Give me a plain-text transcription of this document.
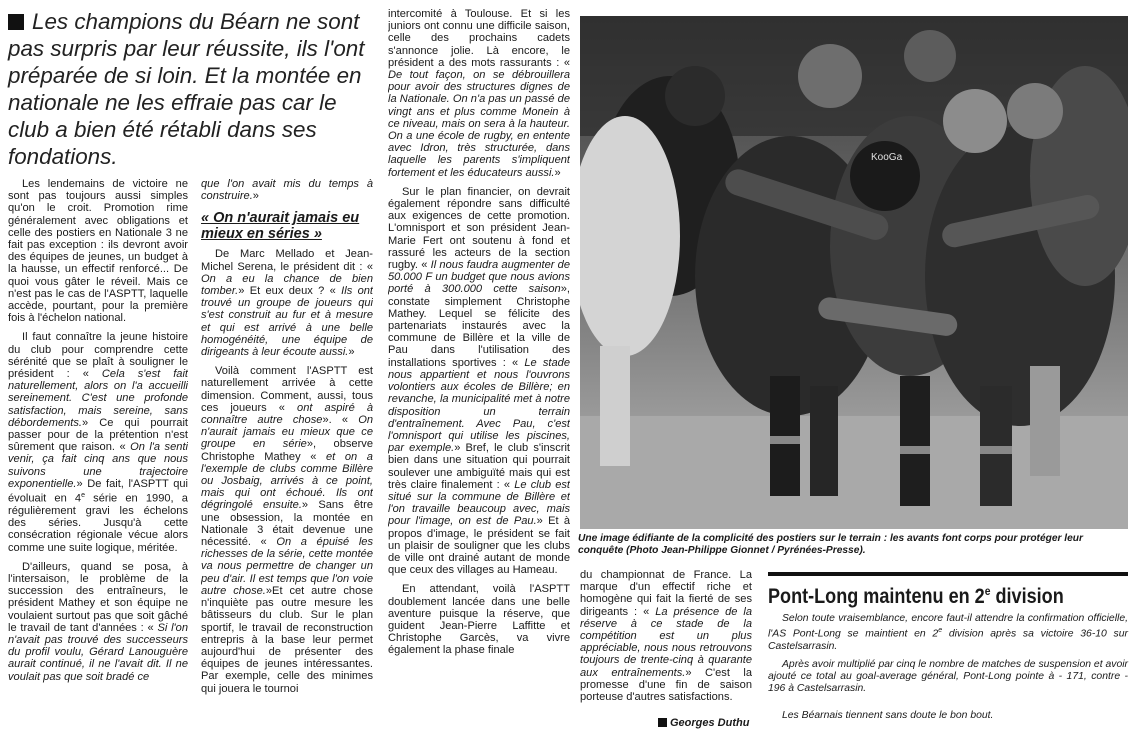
Les champions du Béarn ne sont pas surpris par leur réussite, ils l'ont préparée de si loin. Et la montée en nationale ne les effraie pas car le club a bien été rétabli dans ses fondations.

Les lendemains de victoire ne sont pas toujours aussi simples qu'on le croit. Promotion rime généralement avec obligations et celle des postiers en Nationale 3 ne fait pas exception : ils devront avoir des équipes de jeunes, un budget à la hausse, un effectif renforcé... De quoi vous gâter le réveil. Mais ce n'est pas le cas de l'ASPTT, laquelle accède, pourtant, pour la première fois à l'échelon national.

Il faut connaître la jeune histoire du club pour comprendre cette sérénité que se plaît à souligner le président : « Cela s'est fait naturellement, alors on l'a accueilli sereinement. C'est une profonde satisfaction, mais sereine, sans débordements.» Ce qui pourrait passer pour de la prétention n'est sûrement que raison. « On l'a senti venir, ça fait cinq ans que nous suivons une trajectoire exponentielle.» De fait, l'ASPTT qui évoluait en 4e série en 1990, a régulièrement gravi les échelons des séries. Jusqu'à cette consécration régionale vécue alors comme une suite logique, méritée.

D'ailleurs, quand se posa, à l'intersaison, le problème de la succession des entraîneurs, le président Mathey et son équipe ne voulaient surtout pas que soit gâché le travail de tant d'années : « Si l'on n'avait pas trouvé des successeurs du profil voulu, Gérard Lanouguère aurait continué, il ne l'avait dit. Il ne voulait pas que soit bradé ce

que l'on avait mis du temps à construire.»

« On n'aurait jamais eu mieux en séries »

De Marc Mellado et Jean-Michel Serena, le président dit : « On a eu la chance de bien tomber.» Et eux deux ? « Ils ont trouvé un groupe de joueurs qui s'est construit au fur et à mesure et qui est arrivé à une belle homogénéité, une équipe de dirigeants à leur écoute aussi.»

Voilà comment l'ASPTT est naturellement arrivée à cette dimension. Comment, aussi, tous ces joueurs « ont aspiré à connaître autre chose». « On n'aurait jamais eu mieux que ce groupe en série», observe Christophe Mathey « et on a l'exemple de clubs comme Billère ou Josbaig, arrivés à ce point, mais qui ont échoué. Ils ont dégringolé ensuite.» Sans être une obsession, la montée en Nationale 3 était devenue une nécessité. « On a épuisé les richesses de la série, cette montée va nous permettre de changer un peu d'air. Il est temps que l'on voie autre chose.»Et cet autre chose n'inquiète pas outre mesure les bâtisseurs du club. Sur le plan sportif, le travail de reconstruction entrepris à la base leur permet aujourd'hui de présenter des équipes de jeunes intéressantes. Par exemple, celle des minimes qui jouera le tournoi

intercomité à Toulouse. Et si les juniors ont connu une difficile saison, celle des prochains cadets s'annonce jolie. Là encore, le président a des mots rassurants : « De tout façon, on se débrouillera pour avoir des structures dignes de la Nationale. On n'a pas un passé de vingt ans et plus comme Monein à ce niveau, mais on sera à la hauteur. On a une école de rugby, en entente avec Idron, très structurée, dans laquelle les parents s'impliquent fortement et les éducateurs aussi.»

Sur le plan financier, on devrait également répondre sans difficulté aux exigences de cette promotion. L'omnisport et son président Jean-Marie Fert ont soutenu à fond et rassuré les acteurs de la section rugby. « Il nous faudra augmenter de 50.000 F un budget que nous avions porté à 300.000 cette saison», constate simplement Christophe Mathey. Lequel se félicite des partenariats instaurés avec la commune de Billère et la ville de Pau dans l'utilisation des installations sportives : « Le stade nous appartient et nous l'ouvrons volontiers aux écoles de Billère; en revanche, la municipalité met à notre disposition un terrain d'entraînement. Avec Pau, c'est l'omnisport qui utilise les piscines, par exemple.» Bref, le club s'inscrit bien dans une situation qui pourrait soulever une ambiguïté mais qui est très claire finalement : « Le club est situé sur la commune de Billère et l'on travaille beaucoup avec, mais pour l'image, on est de Pau.» Et à propos d'image, le président se fait un plaisir de souligner que les clubs de ville ont drainé autant de monde que ceux des villages au Hameau.

En attendant, voilà l'ASPTT doublement lancée dans une belle aventure puisque la réserve, que guident Jean-Pierre Laffitte et Christophe Garcès, va vivre également la phase finale

KooGa
Une image édifiante de la complicité des postiers sur le terrain : les avants font corps pour protéger leur conquête (Photo Jean-Philippe Gionnet / Pyrénées-Presse).

du championnat de France. La marque d'un effectif riche et homogène qui fait la fierté de ses dirigeants : « La présence de la réserve à ce stade de la compétition est un plus appréciable, nous nous retrouvons toujours de trente-cinq à quarante aux entraînements.» C'est la promesse d'une fin de saison porteuse d'autres satisfactions.

Georges Duthu
Pont-Long maintenu en 2e division
Selon toute vraisemblance, encore faut-il attendre la confirmation officielle, l'AS Pont-Long se maintient en 2e division après sa victoire 36-10 sur Castelsarrasin.
Après avoir multiplié par cinq le nombre de matches de suspension et avoir ajouté ce total au goal-average général, Pont-Long pointe à - 171, contre - 196 à Castelsarrasin.
Les Béarnais tiennent sans doute le bon bout.
